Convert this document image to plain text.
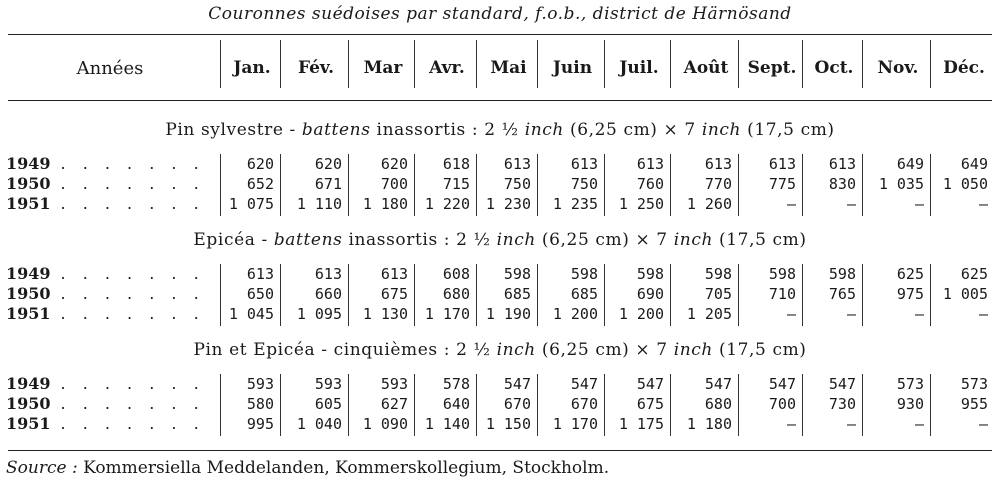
Couronnes suédoises par standard, f.o.b., district de Härnösand
Années	Jan.	Fév.	Mar	Avr.	Mai	Juin	Juil.	Août	Sept.	Oct.	Nov.	Déc.
Pin sylvestre - battens inassortis : 2 ½ inch (6,25 cm) × 7 inch (17,5 cm)
1949 . . . . . . .	620	620	620	618	613	613	613	613	613	613	649	649
1950 . . . . . . .	652	671	700	715	750	750	760	770	775	830	1 035	1 050
1951 . . . . . . .	1 075	1 110	1 180	1 220	1 230	1 235	1 250	1 260	—	—	—	—
Epicéa - battens inassortis : 2 ½ inch (6,25 cm) × 7 inch (17,5 cm)
1949 . . . . . . .	613	613	613	608	598	598	598	598	598	598	625	625
1950 . . . . . . .	650	660	675	680	685	685	690	705	710	765	975	1 005
1951 . . . . . . .	1 045	1 095	1 130	1 170	1 190	1 200	1 200	1 205	—	—	—	—
Pin et Epicéa - cinquièmes : 2 ½ inch (6,25 cm) × 7 inch (17,5 cm)
1949 . . . . . . .	593	593	593	578	547	547	547	547	547	547	573	573
1950 . . . . . . .	580	605	627	640	670	670	675	680	700	730	930	955
1951 . . . . . . .	995	1 040	1 090	1 140	1 150	1 170	1 175	1 180	—	—	—	—
Source : Kommersiella Meddelanden, Kommerskollegium, Stockholm.
